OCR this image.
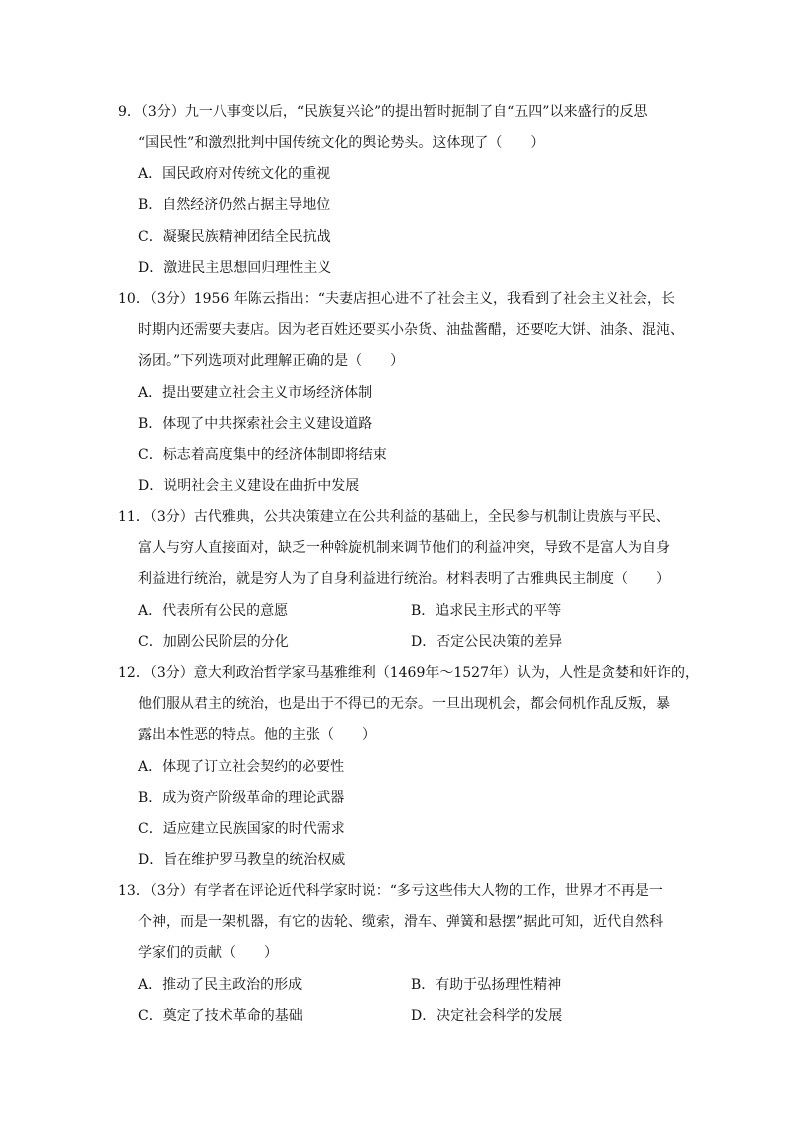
9．（3分）九一八事变以后，“民族复兴论”的提出暂时扼制了自“五四”以来盛行的反思
“国民性”和激烈批判中国传统文化的舆论势头。这体现了（　　）
A．国民政府对传统文化的重视
B．自然经济仍然占据主导地位
C．凝聚民族精神团结全民抗战
D．激进民主思想回归理性主义
10．（3分）1956 年陈云指出：“夫妻店担心进不了社会主义，我看到了社会主义社会，长
时期内还需要夫妻店。因为老百姓还要买小杂货、油盐酱醋，还要吃大饼、油条、混沌、
汤团。”下列选项对此理解正确的是（　　）
A．提出要建立社会主义市场经济体制
B．体现了中共探索社会主义建设道路
C．标志着高度集中的经济体制即将结束
D．说明社会主义建设在曲折中发展
11．（3分）古代雅典，公共决策建立在公共利益的基础上，全民参与机制让贵族与平民、
富人与穷人直接面对，缺乏一种斡旋机制来调节他们的利益冲突，导致不是富人为自身
利益进行统治，就是穷人为了自身利益进行统治。材料表明了古雅典民主制度（　　）
A．代表所有公民的意愿	B．追求民主形式的平等
C．加剧公民阶层的分化	D．否定公民决策的差异
12．（3分）意大利政治哲学家马基雅维利（1469年～1527年）认为，人性是贪婪和奸诈的，
他们服从君主的统治，也是出于不得已的无奈。一旦出现机会，都会伺机作乱反叛，暴
露出本性恶的特点。他的主张（　　）
A．体现了订立社会契约的必要性
B．成为资产阶级革命的理论武器
C．适应建立民族国家的时代需求
D．旨在维护罗马教皇的统治权威
13．（3分）有学者在评论近代科学家时说：“多亏这些伟大人物的工作，世界才不再是一
个神，而是一架机器，有它的齿轮、缆索，滑车、弹簧和悬摆”据此可知，近代自然科
学家们的贡献（　　）
A．推动了民主政治的形成	B．有助于弘扬理性精神
C．奠定了技术革命的基础	D．决定社会科学的发展
